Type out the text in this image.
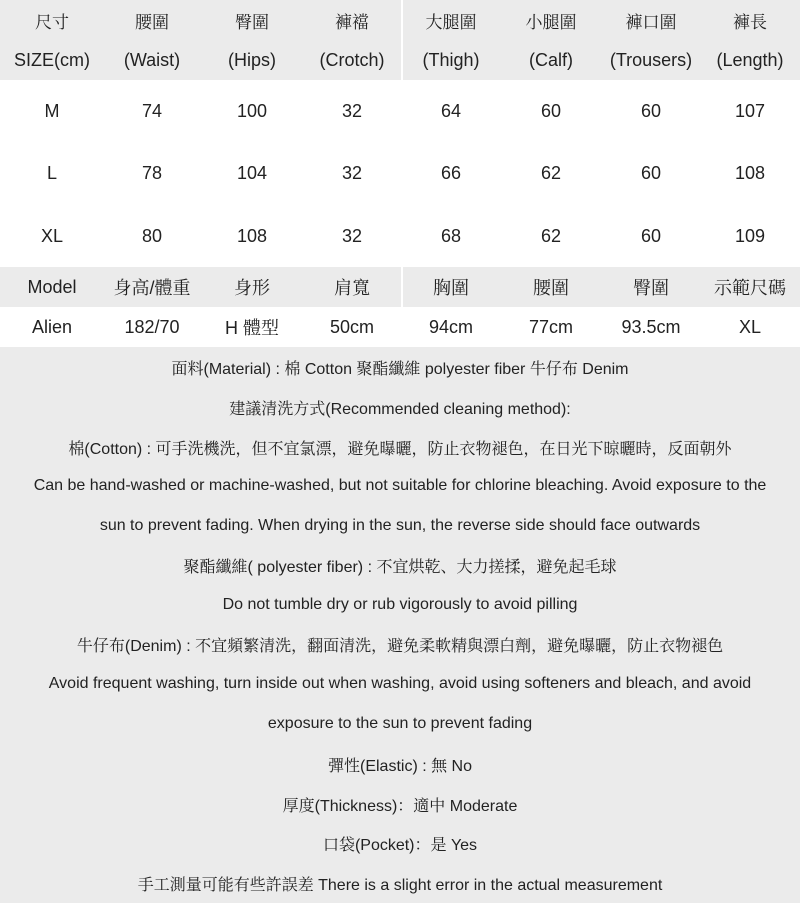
尺寸	腰圍	臀圍	褲襠	大腿圍	小腿圍	褲口圍	褲長
SIZE(cm)	(Waist)	(Hips)	(Crotch)	(Thigh)	(Calf)	(Trousers)	(Length)
M	74	100	32	64	60	60	107
L	78	104	32	66	62	60	108
XL	80	108	32	68	62	60	109
Model	身高/體重	身形	肩寬	胸圍	腰圍	臀圍	示範尺碼
Alien	182/70	H 體型	50cm	94cm	77cm	93.5cm	XL
面料(Material) : 棉 Cotton 聚酯纖維 polyester fiber 牛仔布 Denim
建議清洗方式(Recommended cleaning method):
棉(Cotton) : 可手洗機洗，但不宜氯漂，避免曝曬，防止衣物褪色，在日光下晾曬時，反面朝外
Can be hand-washed or machine-washed, but not suitable for chlorine bleaching. Avoid exposure to the
sun to prevent fading. When drying in the sun, the reverse side should face outwards
聚酯纖維( polyester fiber) : 不宜烘乾、大力搓揉，避免起毛球
Do not tumble dry or rub vigorously to avoid pilling
牛仔布(Denim) : 不宜頻繁清洗，翻面清洗，避免柔軟精與漂白劑，避免曝曬，防止衣物褪色
Avoid frequent washing, turn inside out when washing, avoid using softeners and bleach, and avoid
exposure to the sun to prevent fading
彈性(Elastic) : 無 No
厚度(Thickness)：適中 Moderate
口袋(Pocket)：是 Yes
手工測量可能有些許誤差 There is a slight error in the actual measurement
